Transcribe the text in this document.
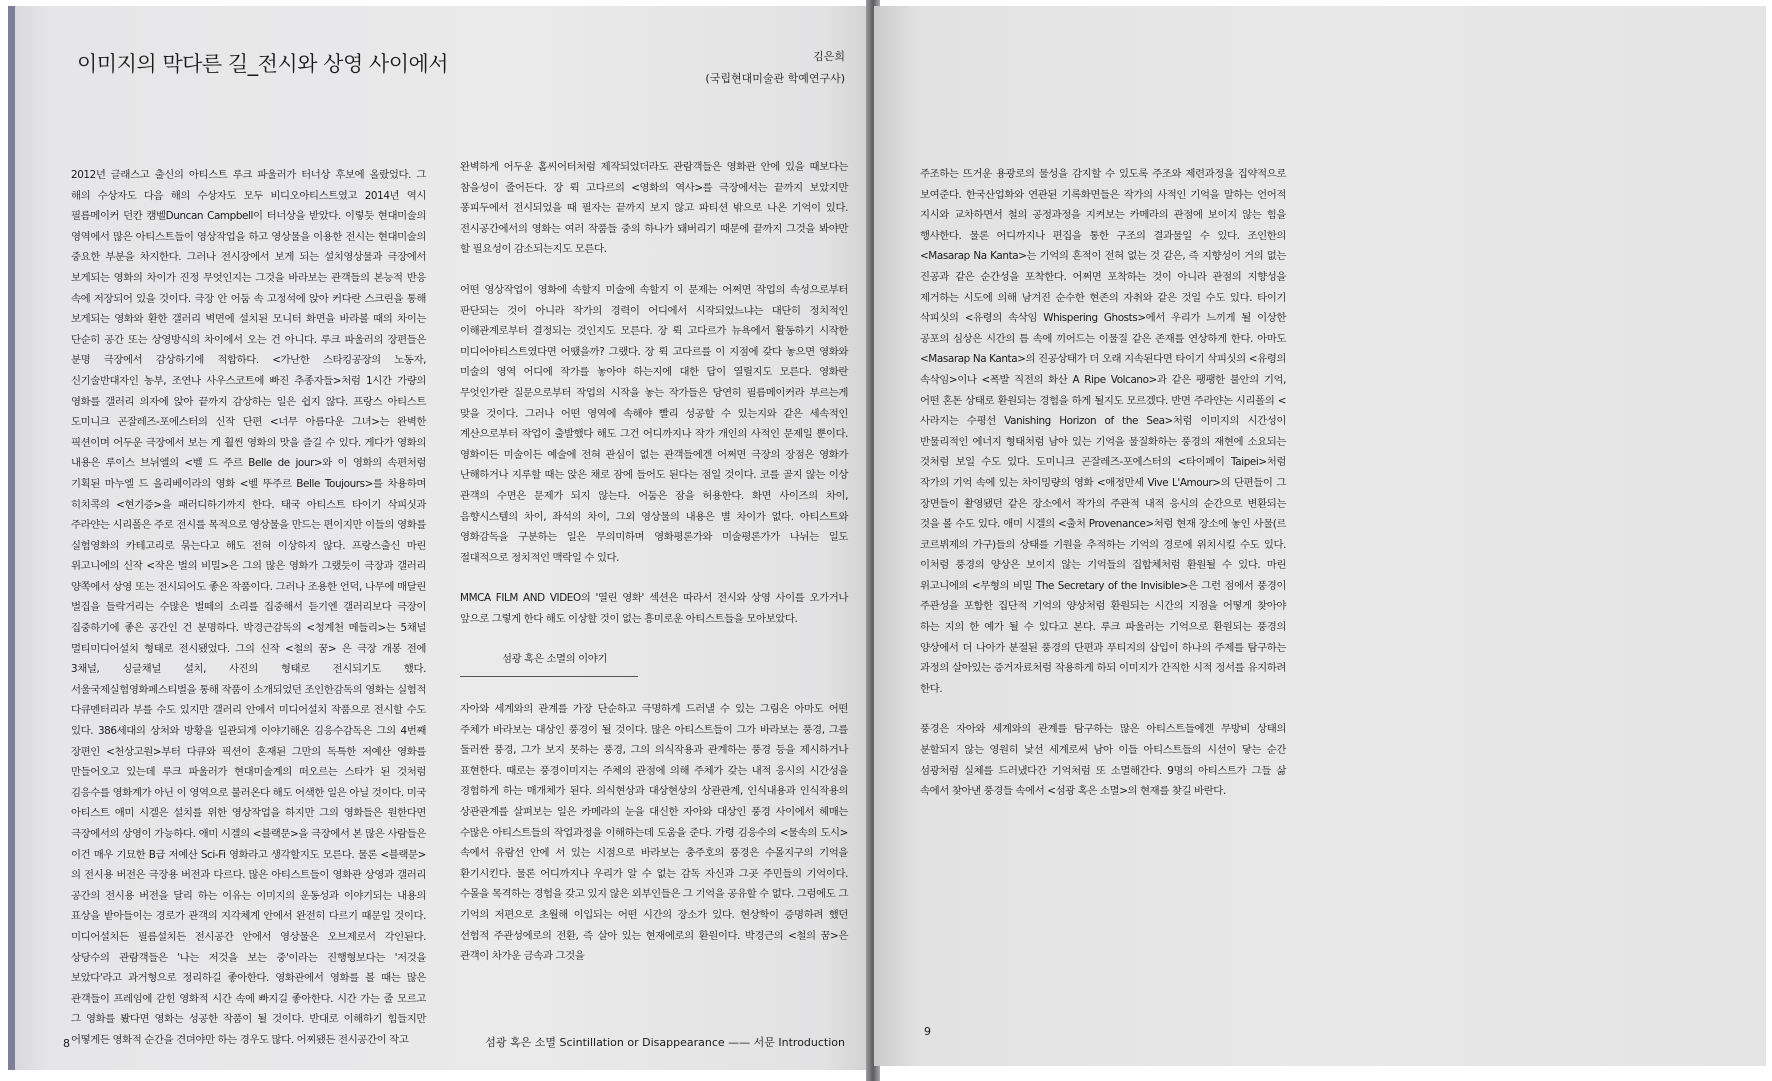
이미지의 막다른 길_전시와 상영 사이에서	김은희
(국립현대미술관 학예연구사)

2012년 글래스고 출신의 아티스트 루크 파울러가 터너상 후보에 올랐었다. 그 해의 수상자도 다음 해의 수상자도 모두 비디오아티스트였고 2014년 역시 필름메이커 던칸 캠벨Duncan Campbell이 터너상을 받았다. 이렇듯 현대미술의 영역에서 많은 아티스트들이 영상작업을 하고 영상물을 이용한 전시는 현대미술의 중요한 부분을 차지한다. 그러나 전시장에서 보게 되는 설치영상물과 극장에서 보게되는 영화의 차이가 진정 무엇인지는 그것을 바라보는 관객들의 본능적 반응 속에 저장되어 있을 것이다. 극장 안 어둠 속 고정석에 앉아 커다란 스크린을 통해 보게되는 영화와 환한 갤러리 벽면에 설치된 모니터 화면을 바라볼 때의 차이는 단순히 공간 또는 상영방식의 차이에서 오는 건 아니다. 루크 파울러의 장편들은 분명 극장에서 감상하기에 적합하다. <가난한 스타킹공장의 노동자, 신기술반대자인 농부, 조연나 사우스코트에 빠진 추종자들>처럼 1시간 가량의 영화를 갤러리 의자에 앉아 끝까지 감상하는 일은 쉽지 않다. 프랑스 아티스트 도미니크 곤잘레즈-포에스터의 신작 단편 <너무 아름다운 그녀>는 완벽한 픽션이며 어두운 극장에서 보는 게 훨씬 영화의 맛을 즐길 수 있다. 게다가 영화의 내용은 루이스 브뉘엘의 <벨 드 주르 Belle de jour>와 이 영화의 속편처럼 기획된 마누엘 드 올리베이라의 영화 <벨 뚜주르 Belle Toujours>를 차용하며 히치콕의 <현기증>을 패러디하기까지 한다. 태국 아티스트 타이기 삭피싯과 주라얀는 시리폴은 주로 전시를 목적으로 영상물을 만드는 편이지만 이들의 영화를 실험영화의 카테고리로 묶는다고 해도 전혀 이상하지 않다. 프랑스출신 마린 위고니에의 신작 <작은 벌의 비밀>은 그의 많은 영화가 그랬듯이 극장과 갤러리 양쪽에서 상영 또는 전시되어도 좋은 작품이다. 그러나 조용한 언덕, 나무에 매달린 벌집을 들락거리는 수많은 벌떼의 소리를 집중해서 듣기엔 갤러리보다 극장이 집중하기에 좋은 공간인 건 분명하다. 박경근감독의 <청계천 메들리>는 5채널 멀티미디어설치 형태로 전시됐었다. 그의 신작 <철의 꿈> 은 극장 개봉 전에 3채널, 싱글채널 설치, 사진의 형태로 전시되기도 했다. 서울국제실험영화페스티벌을 통해 작품이 소개되었던 조인한감독의 영화는 실험적 다큐멘터리라 부를 수도 있지만 갤러리 안에서 미디어설치 작품으로 전시할 수도 있다. 386세대의 상처와 방황을 일관되게 이야기해온 김응수감독은 그의 4번째 장편인 <천상고원>부터 다큐와 픽션이 혼재된 그만의 독특한 저예산 영화를 만들어오고 있는데 루크 파울러가 현대미술계의 떠오르는 스타가 된 것처럼 김응수를 영화계가 아닌 이 영역으로 불러온다 해도 어색한 일은 아닐 것이다. 미국 아티스트 애미 시겔은 설치를 위한 영상작업을 하지만 그의 영화들은 원한다면 극장에서의 상영이 가능하다. 애미 시겔의 <블랙문>을 극장에서 본 많은 사람들은 이건 매우 기묘한 B급 저예산 Sci-Fi 영화라고 생각할지도 모른다. 물론 <블랙문>의 전시용 버전은 극장용 버전과 다르다. 많은 아티스트들이 영화관 상영과 갤러리 공간의 전시용 버전을 달리 하는 이유는 이미지의 운동성과 이야기되는 내용의 표상을 받아들이는 경로가 관객의 지각체계 안에서 완전히 다르기 때문일 것이다. 미디어설치든 필름설치든 전시공간 안에서 영상물은 오브제로서 각인된다. 상당수의 관람객들은 '나는 저것을 보는 중'이라는 진행형보다는 '저것을 보았다'라고 과거형으로 정리하길 좋아한다. 영화관에서 영화를 볼 때는 많은 관객들이 프레임에 갇힌 영화적 시간 속에 빠지길 좋아한다. 시간 가는 줄 모르고 그 영화를 봤다면 영화는 성공한 작품이 될 것이다. 반대로 이해하기 힘들지만 어떻게든 영화적 순간을 견뎌야만 하는 경우도 많다. 어찌됐든 전시공간이 작고

완벽하게 어두운 홈씨어터처럼 제작되었더라도 관람객들은 영화관 안에 있을 때보다는 참을성이 줄어든다. 장 뤽 고다르의 <영화의 역사>를 극장에서는 끝까지 보았지만 퐁피두에서 전시되었을 때 필자는 끝까지 보지 않고 파티션 밖으로 나온 기억이 있다. 전시공간에서의 영화는 여러 작품들 중의 하나가 돼버리기 때문에 끝까지 그것을 봐야만 할 필요성이 감소되는지도 모른다.

어떤 영상작업이 영화에 속할지 미술에 속할지 이 문제는 어쩌면 작업의 속성으로부터 판단되는 것이 아니라 작가의 경력이 어디에서 시작되었느냐는 대단히 정치적인 이해관계로부터 결정되는 것인지도 모른다. 장 뤽 고다르가 뉴욕에서 활동하기 시작한 미디어아티스트였다면 어땠을까? 그랬다. 장 뤽 고다르를 이 지점에 갖다 놓으면 영화와 미술의 영역 어디에 작가를 놓아야 하는지에 대한 답이 열릴지도 모른다. 영화란 무엇인가란 질문으로부터 작업의 시작을 놓는 작가들은 당연히 필름메이커라 부르는게 맞을 것이다. 그러나 어떤 영역에 속해야 빨리 성공할 수 있는지와 같은 세속적인 계산으로부터 작업이 출발했다 해도 그건 어디까지나 작가 개인의 사적인 문제일 뿐이다. 영화이든 미술이든 예술에 전혀 관심이 없는 관객들에겐 어쩌면 극장의 장점은 영화가 난해하거나 지루할 때는 앉은 채로 잠에 들어도 된다는 점일 것이다. 코를 골지 않는 이상 관객의 수면은 문제가 되지 않는다. 어둠은 잠을 허용한다. 화면 사이즈의 차이, 음향시스템의 차이, 좌석의 차이, 그외 영상물의 내용은 별 차이가 없다. 아티스트와 영화감독을 구분하는 일은 무의미하며 영화평론가와 미술평론가가 나뉘는 일도 절대적으로 정치적인 맥락일 수 있다.

MMCA FILM AND VIDEO의 '열린 영화' 섹션은 따라서 전시와 상영 사이를 오가거나 앞으로 그렇게 한다 해도 이상할 것이 없는 흥미로운 아티스트들을 모아보았다.

섬광 혹은 소멸의 이야기

자아와 세계와의 관계를 가장 단순하고 극명하게 드러낼 수 있는 그림은 아마도 어떤 주체가 바라보는 대상인 풍경이 될 것이다. 많은 아티스트들이 그가 바라보는 풍경, 그를 둘러싼 풍경, 그가 보지 못하는 풍경, 그의 의식작용과 관계하는 풍경 등을 제시하거나 표현한다. 때로는 풍경이미지는 주체의 관점에 의해 주체가 갖는 내적 응시의 시간성을 경험하게 하는 매개체가 된다. 의식현상과 대상현상의 상관관계, 인식내용과 인식작용의 상관관계를 살펴보는 일은 카메라의 눈을 대신한 자아와 대상인 풍경 사이에서 헤매는 수많은 아티스트들의 작업과정을 이해하는데 도움을 준다. 가령 김응수의 <물속의 도시> 속에서 유람선 안에 서 있는 시점으로 바라보는 충주호의 풍경은 수몰지구의 기억을 환기시킨다. 물론 어디까지나 우리가 알 수 없는 감독 자신과 그곳 주민들의 기억이다. 수몰을 목격하는 경험을 갖고 있지 않은 외부인들은 그 기억을 공유할 수 없다. 그럼에도 그 기억의 저편으로 초월해 이입되는 어떤 시간의 장소가 있다. 현상학이 증명하려 했던 선험적 주관성에로의 전환, 즉 살아 있는 현재에로의 환원이다. 박경근의 <철의 꿈>은 관객이 차가운 금속과 그것을

8	섬광 혹은 소멸 Scintillation or Disappearance —— 서문 Introduction

주조하는 뜨거운 용광로의 물성을 감지할 수 있도록 주조와 제련과정을 집약적으로 보여준다. 한국산업화와 연관된 기록화면들은 작가의 사적인 기억을 말하는 언어적 지시와 교차하면서 철의 공정과정을 지켜보는 카메라의 관점에 보이지 않는 힘을 행사한다. 물론 어디까지나 편집을 통한 구조의 결과물일 수 있다. 조인한의 <Masarap Na Kanta>는 기억의 흔적이 전혀 없는 것 같은, 즉 지향성이 거의 없는 진공과 같은 순간성을 포착한다. 어쩌면 포착하는 것이 아니라 관점의 지향성을 제거하는 시도에 의해 남겨진 순수한 현존의 자취와 같은 것일 수도 있다. 타이기 삭피싯의 <유령의 속삭임 Whispering Ghosts>에서 우리가 느끼게 될 이상한 공포의 심상은 시간의 틈 속에 끼어드는 이물질 같은 존재를 연상하게 한다. 아마도 <Masarap Na Kanta>의 진공상태가 더 오래 지속된다면 타이기 삭피싯의 <유령의 속삭임>이나 <폭발 직전의 화산 A Ripe Volcano>과 같은 팽팽한 불안의 기억, 어떤 혼돈 상태로 환원되는 경험을 하게 될지도 모르겠다. 반면 주라얀논 시리폴의 <사라지는 수평선 Vanishing Horizon of the Sea>처럼 이미지의 시간성이 반물리적인 에너지 형태처럼 남아 있는 기억을 물질화하는 풍경의 재현에 소요되는 것처럼 보일 수도 있다. 도미니크 곤잘레즈-포에스터의 <타이페이 Taipei>처럼 작가의 기억 속에 있는 차이밍량의 영화 <애정만세 Vive L'Amour>의 단편들이 그 장면들이 촬영됐던 같은 장소에서 작가의 주관적 내적 응시의 순간으로 변환되는 것을 볼 수도 있다. 애미 시겔의 <출처 Provenance>처럼 현재 장소에 놓인 사물(르 코르뷔제의 가구)들의 상태를 기원을 추적하는 기억의 경로에 위치시킬 수도 있다. 이처럼 풍경의 양상은 보이지 않는 기억들의 집합체처럼 환원될 수 있다. 마린 위고니에의 <무형의 비밀 The Secretary of the Invisible>은 그런 점에서 풍경이 주관성을 포함한 집단적 기억의 양상처럼 환원되는 시간의 지점을 어떻게 찾아야 하는 지의 한 예가 될 수 있다고 본다. 루크 파울러는 기억으로 환원되는 풍경의 양상에서 더 나아가 분절된 풍경의 단편과 푸티지의 삽입이 하나의 주제를 탐구하는 과정의 살아있는 증거자료처럼 작용하게 하되 이미지가 간직한 시적 정서를 유지하려 한다.

풍경은 자아와 세계와의 관계를 탐구하는 많은 아티스트들에겐 무방비 상태의 분할되지 않는 영원히 낯선 세계로써 남아 이들 아티스트들의 시선이 닿는 순간 섬광처럼 실체를 드러냈다간 기억처럼 또 소멸해간다. 9명의 아티스트가 그들 삶 속에서 찾아낸 풍경들 속에서 <섬광 혹은 소멸>의 현재를 찾길 바란다.

9
